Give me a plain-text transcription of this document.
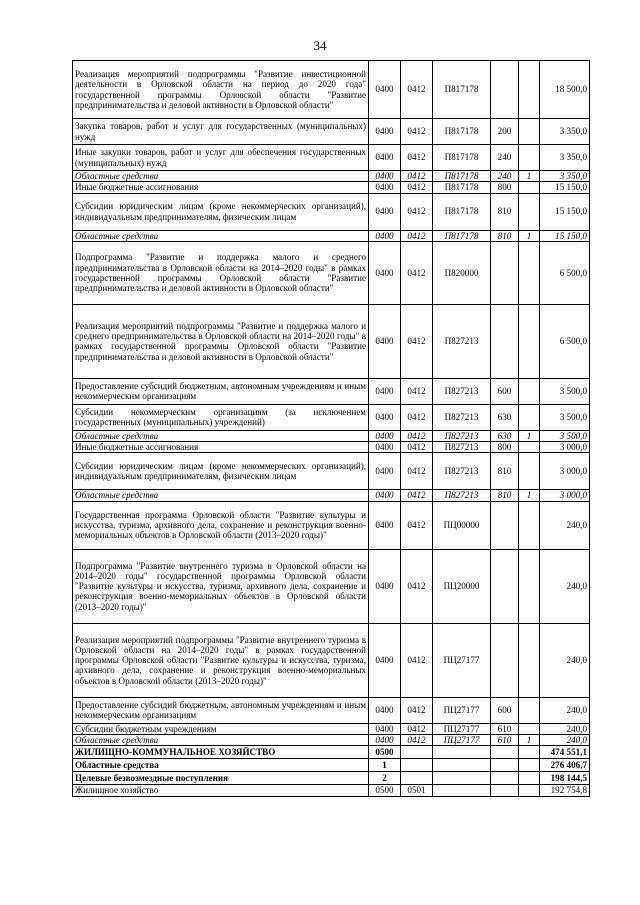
34
Реализация мероприятий подпрограммы "Развитие инвестиционной деятельности в Орловской области на период до 2020 года" государственной программы Орловской области "Развитие предпринимательства и деловой активности в Орловской области"	0400	0412	П817178			18 500,0
Закупка товаров, работ и услуг для государственных (муниципальных) нужд	0400	0412	П817178	200		3 350,0
Иные закупки товаров, работ и услуг для обеспечения государственных (муниципальных) нужд	0400	0412	П817178	240		3 350,0
Областные средства	0400	0412	П817178	240	1	3 350,0
Иные бюджетные ассигнования	0400	0412	П817178	800		15 150,0
Субсидии юридическим лицам (кроме некоммерческих организаций), индивидуальным предпринимателям, физическим лицам	0400	0412	П817178	810		15 150,0
Областные средства	0400	0412	П817178	810	1	15 150,0
Подпрограмма "Развитие и поддержка малого и среднего предпринимательства в Орловской области на 2014–2020 годы" в рамках государственной программы Орловской области "Развитие предпринимательства и деловой активности в Орловской области"	0400	0412	П820000			6 500,0
Реализация мероприятий подпрограммы "Развитие и поддержка малого и среднего предпринимательства в Орловской области на 2014–2020 годы" в рамках государственной программы Орловской области "Развитие предпринимательства и деловой активности в Орловской области"	0400	0412	П827213			6 500,0
Предоставление субсидий бюджетным, автономным учреждениям и иным некоммерческим организациям	0400	0412	П827213	600		3 500,0
Субсидии некоммерческим организациям (за исключением государственных (муниципальных) учреждений)	0400	0412	П827213	630		3 500,0
Областные средства	0400	0412	П827213	630	1	3 500,0
Иные бюджетные ассигнования	0400	0412	П827213	800		3 000,0
Субсидии юридическим лицам (кроме некоммерческих организаций), индивидуальным предпринимателям, физическим лицам	0400	0412	П827213	810		3 000,0
Областные средства	0400	0412	П827213	810	1	3 000,0
Государственная программа Орловской области "Развитие культуры и искусства, туризма, архивного дела, сохранение и реконструкция военно-мемориальных объектов в Орловской области (2013–2020 годы)"	0400	0412	ПЦ00000			240,0
Подпрограмма "Развитие внутреннего туризма в Орловской области на 2014–2020 годы" государственной программы Орловской области "Развитие культуры и искусства, туризма, архивного дела, сохранение и реконструкция военно-мемориальных объектов в Орловской области (2013–2020 годы)"	0400	0412	ПЦ20000			240,0
Реализация мероприятий подпрограммы "Развитие внутреннего туризма в Орловской области на 2014–2020 годы" в рамках государственной программы Орловской области "Развитие культуры и искусства, туризма, архивного дела, сохранение и реконструкция военно-мемориальных объектов в Орловской области (2013–2020 годы)"	0400	0412	ПЦ27177			240,0
Предоставление субсидий бюджетным, автономным учреждениям и иным некоммерческим организациям	0400	0412	ПЦ27177	600		240,0
Субсидии бюджетным учреждениям	0400	0412	ПЦ27177	610		240,0
Областные средства	0400	0412	ПЦ27177	610	1	240,0
ЖИЛИЩНО-КОММУНАЛЬНОЕ ХОЗЯЙСТВО	0500					474 551,1
Областные средства	1					276 406,7
Целевые безвозмездные поступления	2					198 144,5
Жилищное хозяйство	0500	0501				192 754,8
